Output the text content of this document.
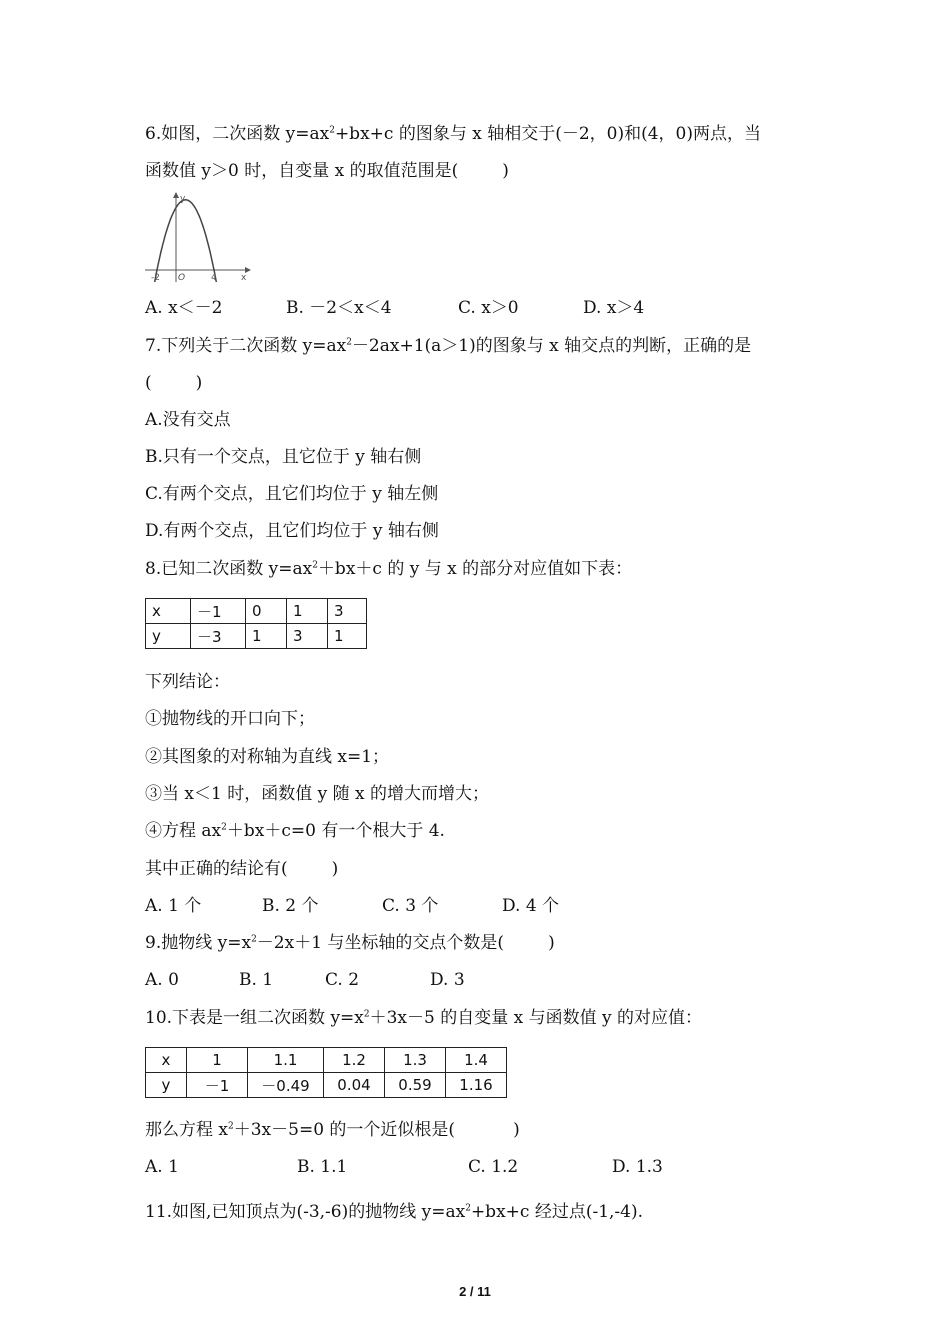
6.如图，二次函数 $y=ax^2+bx+c$ 的图象与 x 轴相交于(－2，0)和(4，0)两点，当
函数值 y＞0 时，自变量 x 的取值范围是(	)
y
x
O
-2	4
A. x＜－2	B. －2＜x＜4	C. x＞0	D. x＞4
7.下列关于二次函数 $y=ax^2-2ax+1(a>1)$的图象与 x 轴交点的判断，正确的是
(	)
A.没有交点
B.只有一个交点，且它位于 y 轴右侧
C.有两个交点，且它们均位于 y 轴左侧
D.有两个交点，且它们均位于 y 轴右侧
8.已知二次函数 $y=ax^2+bx+c$ 的 y 与 x 的部分对应值如下表：
x	－1	0	1	3
y	－3	1	3	1
下列结论：
①抛物线的开口向下；
②其图象的对称轴为直线 x=1；
③当 x＜1 时，函数值 y 随 x 的增大而增大；
④方程 $ax^2+bx+c=0$ 有一个根大于 4.
其中正确的结论有(	)
A. 1 个	B. 2 个	C. 3 个	D. 4 个
9.抛物线 $y=x^2-2x+1$ 与坐标轴的交点个数是(	)
A. 0	B. 1	C. 2	D. 3
10.下表是一组二次函数 $y=x^2+3x-5$ 的自变量 x 与函数值 y 的对应值：
x	1	1.1	1.2	1.3	1.4
y	－1	－0.49	0.04	0.59	1.16
那么方程 $x^2+3x-5=0$ 的一个近似根是(	)
A. 1	B. 1.1	C. 1.2	D. 1.3
11.如图,已知顶点为(-3,-6)的抛物线 $y=ax^2+bx+c$ 经过点(-1,-4).
2 / 11
